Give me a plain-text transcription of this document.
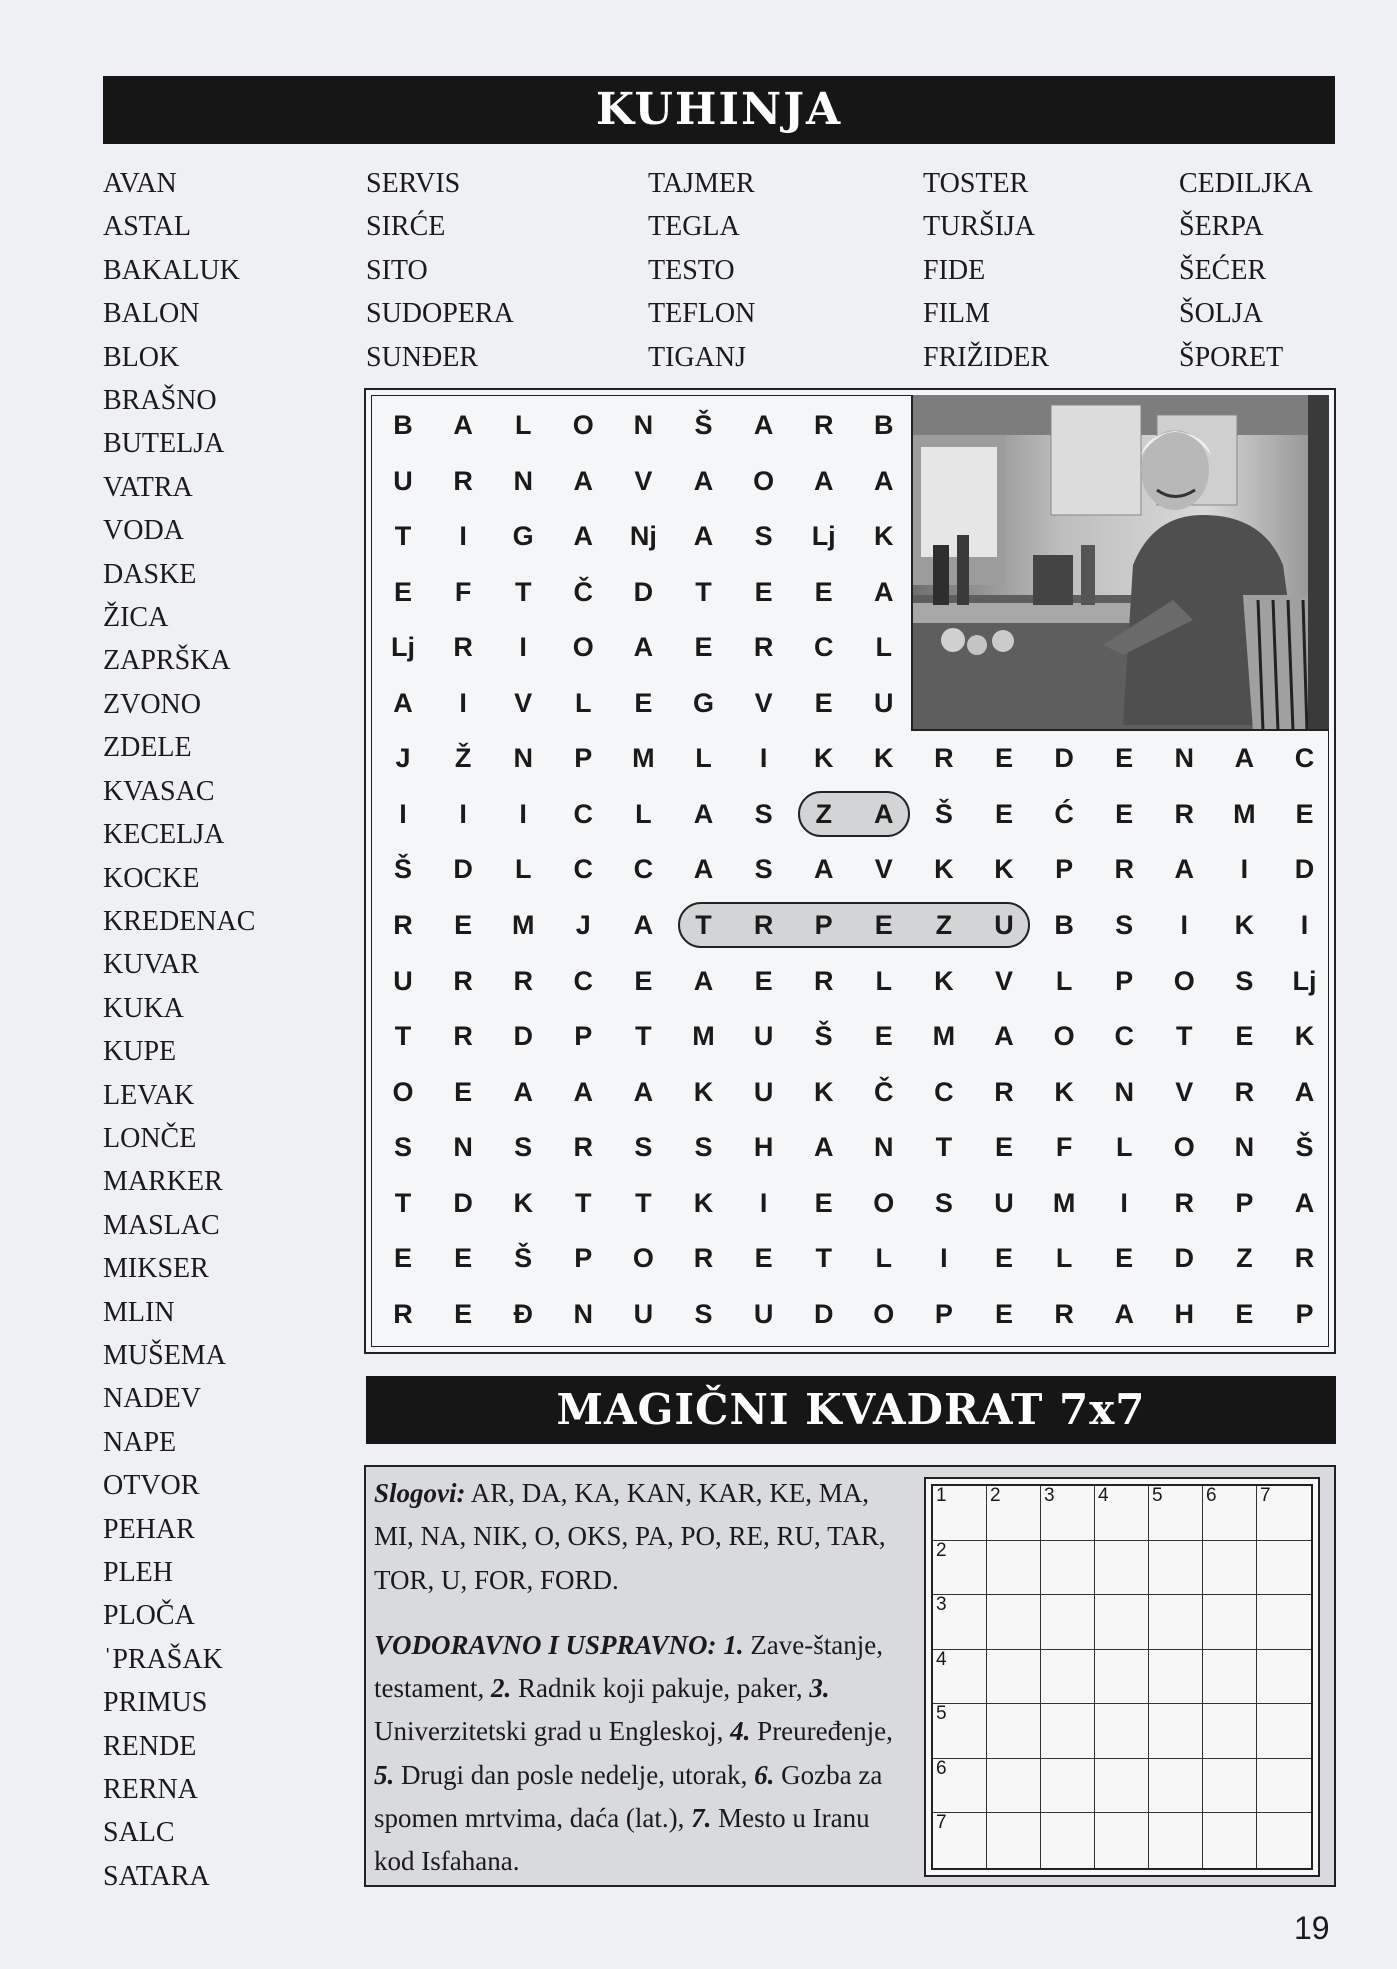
KUHINJA
AVAN
ASTAL
BAKALUK
BALON
BLOK
BRAŠNO
BUTELJA
VATRA
VODA
DASKE
ŽICA
ZAPRŠKA
ZVONO
ZDELE
KVASAC
KECELJA
KOCKE
KREDENAC
KUVAR
KUKA
KUPE
LEVAK
LONČE
MARKER
MASLAC
MIKSER
MLIN
MUŠEMA
NADEV
NAPE
OTVOR
PEHAR
PLEH
PLOČA
ˈPRAŠAK
PRIMUS
RENDE
RERNA
SALC
SATARA
SERVIS
SIRĆE
SITO
SUDOPERA
SUNĐER
TAJMER
TEGLA
TESTO
TEFLON
TIGANJ
TOSTER
TURŠIJA
FIDE
FILM
FRIŽIDER
CEDILJKA
ŠERPA
ŠEĆER
ŠOLJA
ŠPORET
B	A	L	O	N	Š	A	R	B
U	R	N	A	V	A	O	A	A
T	I	G	A	Nj	A	S	Lj	K
E	F	T	Č	D	T	E	E	A
Lj	R	I	O	A	E	R	C	L
A	I	V	L	E	G	V	E	U
J	Ž	N	P	M	L	I	K	K	R	E	D	E	N	A	C
I	I	I	C	L	A	S	Z	A	Š	E	Ć	E	R	M	E
Š	D	L	C	C	A	S	A	V	K	K	P	R	A	I	D
R	E	M	J	A	T	R	P	E	Z	U	B	S	I	K	I
U	R	R	C	E	A	E	R	L	K	V	L	P	O	S	Lj
T	R	D	P	T	M	U	Š	E	M	A	O	C	T	E	K
O	E	A	A	A	K	U	K	Č	C	R	K	N	V	R	A
S	N	S	R	S	S	H	A	N	T	E	F	L	O	N	Š
T	D	K	T	T	K	I	E	O	S	U	M	I	R	P	A
E	E	Š	P	O	R	E	T	L	I	E	L	E	D	Z	R
R	E	Đ	N	U	S	U	D	O	P	E	R	A	H	E	P
MAGIČNI KVADRAT 7x7

Slogovi: AR, DA, KA, KAN, KAR, KE, MA, MI, NA, NIK, O, OKS, PA, PO, RE, RU, TAR, TOR, U, FOR, FORD.

VODORAVNO I USPRAVNO: 1. Zave-štanje, testament, 2. Radnik koji pakuje, paker, 3. Univerzitetski grad u Engleskoj, 4. Preuređenje, 5. Drugi dan posle nedelje, utorak, 6. Gozba za spomen mrtvima, daća (lat.), 7. Mesto u Iranu kod Isfahana.

1 2 3 4 5 6 7
2
3
4
5
6
7
19
